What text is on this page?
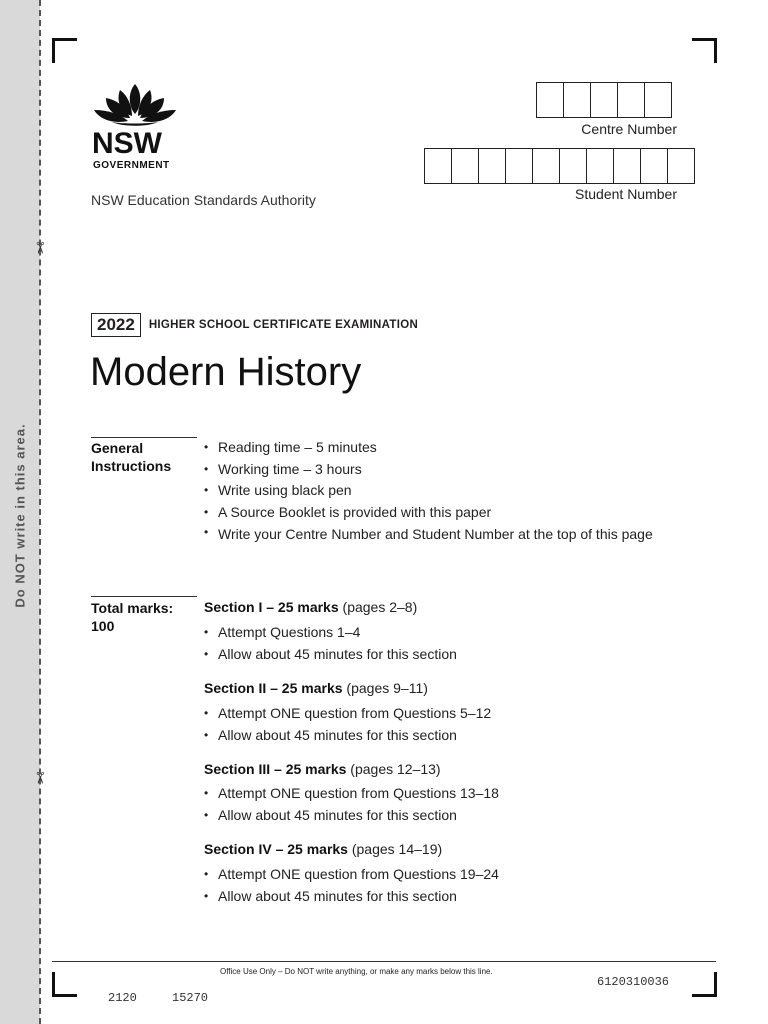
✂
✂
Do NOT write in this area.
NSW
GOVERNMENT
NSW Education Standards Authority
Centre Number
Student Number
2022	HIGHER SCHOOL CERTIFICATE EXAMINATION
Modern History
General
Instructions
• Reading time – 5 minutes
• Working time – 3 hours
• Write using black pen
• A Source Booklet is provided with this paper
• Write your Centre Number and Student Number at the top of this page
Total marks:
100
Section I – 25 marks (pages 2–8)
• Attempt Questions 1–4
• Allow about 45 minutes for this section
Section II – 25 marks (pages 9–11)
• Attempt ONE question from Questions 5–12
• Allow about 45 minutes for this section
Section III – 25 marks (pages 12–13)
• Attempt ONE question from Questions 13–18
• Allow about 45 minutes for this section
Section IV – 25 marks (pages 14–19)
• Attempt ONE question from Questions 19–24
• Allow about 45 minutes for this section
Office Use Only – Do NOT write anything, or make any marks below this line.
6120310036
2120	15270
